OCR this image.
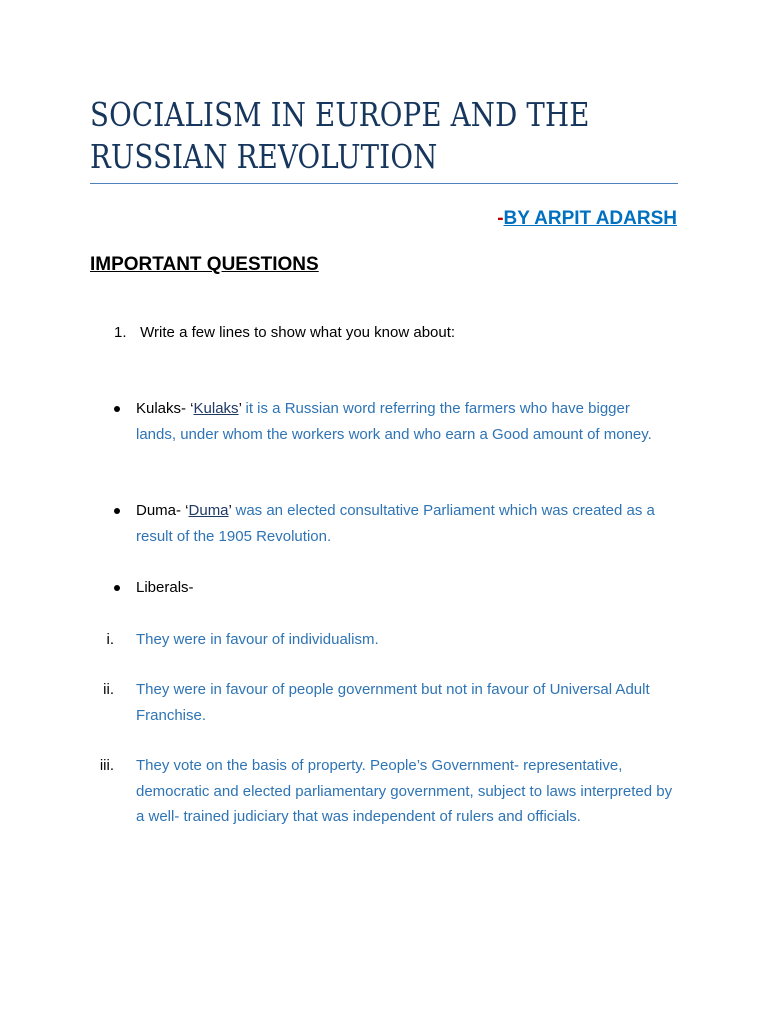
SOCIALISM IN EUROPE AND THE
RUSSIAN REVOLUTION
-BY ARPIT ADARSH
IMPORTANT QUESTIONS
1. Write a few lines to show what you know about:
Kulaks- ‘Kulaks’ it is a Russian word referring the farmers who have bigger lands, under whom the workers work and who earn a Good amount of money.
Duma- ‘Duma’ was an elected consultative Parliament which was created as a result of the 1905 Revolution.
Liberals-
i. They were in favour of individualism.
ii. They were in favour of people government but not in favour of Universal Adult Franchise.
iii. They vote on the basis of property. People’s Government- representative, democratic and elected parliamentary government, subject to laws interpreted by a well- trained judiciary that was independent of rulers and officials.
